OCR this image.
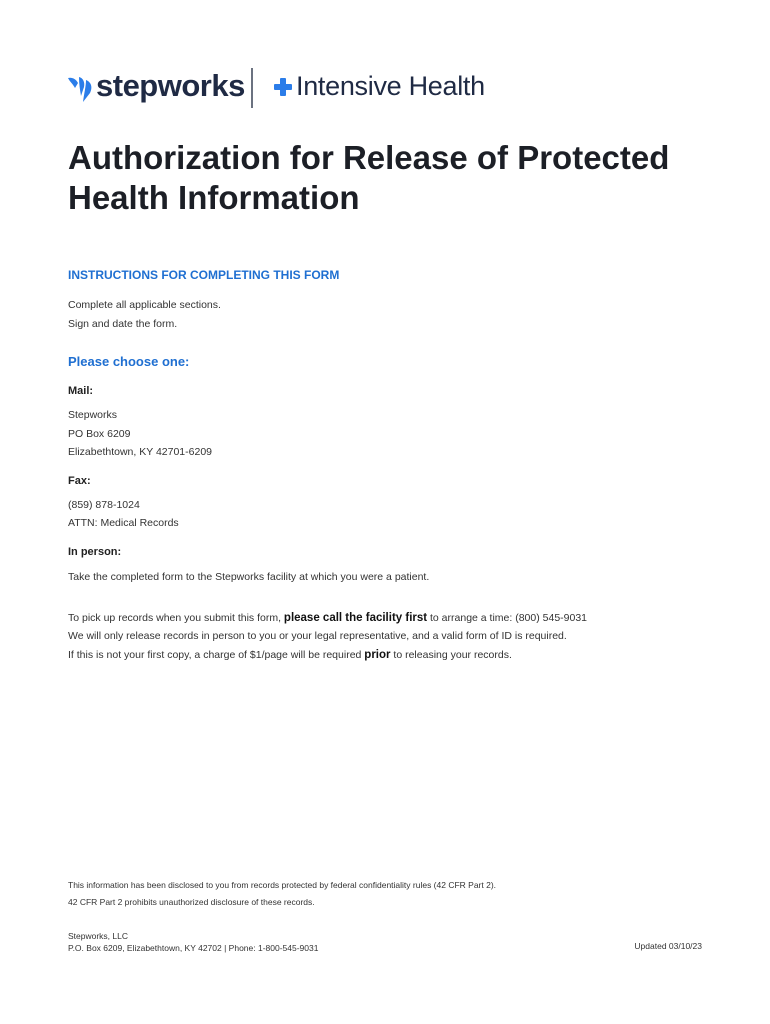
stepworks Intensive Health
Authorization for Release of Protected Health Information
INSTRUCTIONS FOR COMPLETING THIS FORM
Complete all applicable sections.
Sign and date the form.
Please choose one:
Mail:
Stepworks
PO Box 6209
Elizabethtown, KY 42701-6209
Fax:
(859) 878-1024
ATTN: Medical Records
In person:
Take the completed form to the Stepworks facility at which you were a patient.
To pick up records when you submit this form, please call the facility first to arrange a time: (800) 545-9031
We will only release records in person to you or your legal representative, and a valid form of ID is required.
If this is not your first copy, a charge of $1/page will be required prior to releasing your records.
This information has been disclosed to you from records protected by federal confidentiality rules (42 CFR Part 2).
42 CFR Part 2 prohibits unauthorized disclosure of these records.
Stepworks, LLC
P.O. Box 6209, Elizabethtown, KY 42702 | Phone: 1-800-545-9031	Updated 03/10/23
